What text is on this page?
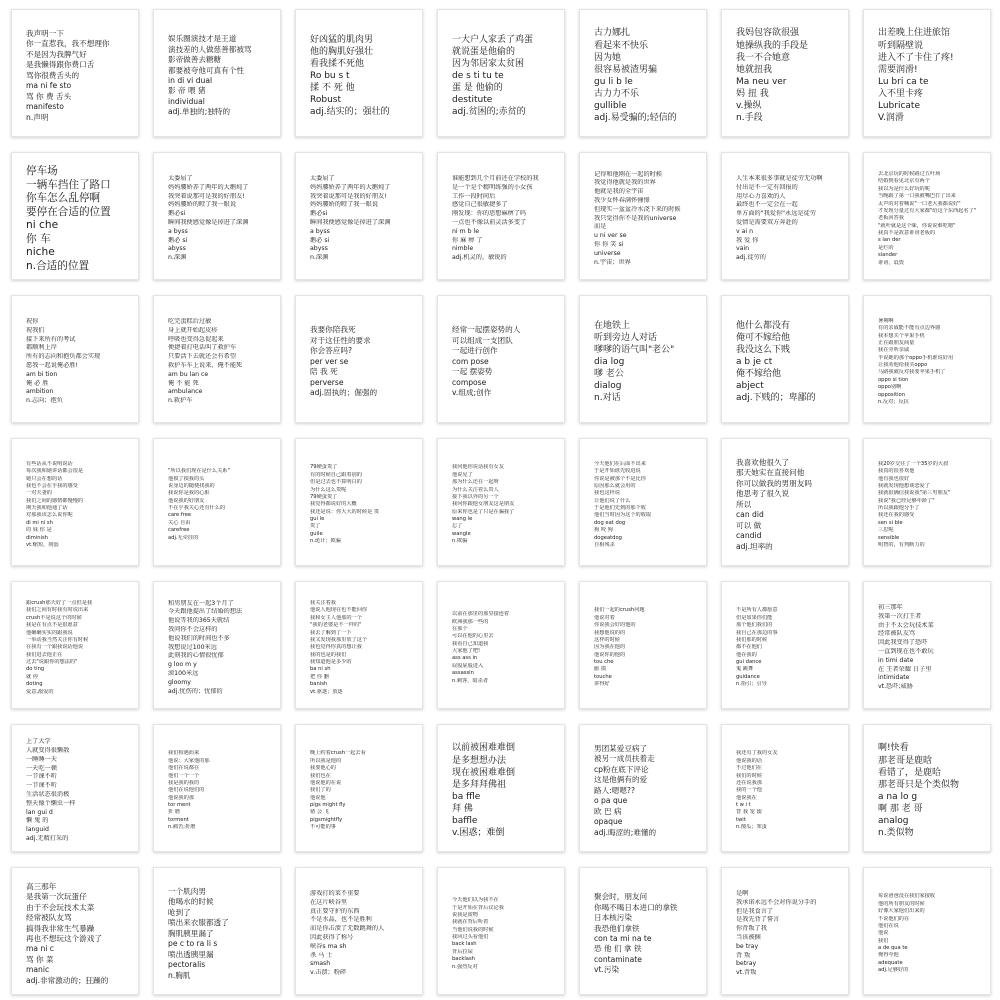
我声明一下
你一直惹我，我不想理你
不是因为我脾气好
是我懒得跟你费口舌
骂你很费舌头的
ma ni fe sto
骂 你 费 舌头
manifesto
n.声明
娱乐圈演技才是王道
演技差的人做慈善都被骂
影帝做善去糖糖
都要被夸他可真有个性
in di vi dual
影 帝 喂 猪
individual
adj.单独的;独特的
好凶猛的肌肉男
他的胸肌好强壮
看我揉不死他
Ro bu s t
揉 不 死 他
Robust
adj.结实的；强壮的
一大户人家丢了鸡蛋
就说蛋是他偷的
因为邻居家太贫困
de s ti tu te
蛋 是 他偷的
destitute
adj.贫困的;赤贫的
古力娜扎
看起来不快乐
因为她
很容易被渣男骗
gu li b le
古力力不乐
gullible
adj.易受骗的;轻信的
我妈包容欲很强
她操纵我的手段是
我一不合她意
她就扭我
Ma neu ver
妈 扭 我
v.操纵
n.手段
出差晚上住进旅馆
听到隔壁说
进入不了卡住了疼!
需要润滑!
Lu bri ca te
入不里卡疼
Lubricate
V.润滑
停车场
一辆车挡住了路口
你车怎么乱停啊
要停在合适的位置
ni che
你 车
niche
n.合适的位置
太委屈了
妈妈腰娇养了两年的大鹅炖了
我突着说那可是我的好朋友!
妈妈腰娇的瞪了我一眼说
鹅必si
瞬间我便感觉像是掉进了深渊
a byss
鹅必 si
abyss
n.深渊
太委屈了
妈妈腰娇养了两年的大鹅炖了
我突着说那可是我的好朋友!
妈妈腰娇的瞪了我一眼说
鹅必si
瞬间我便感觉像是掉进了深渊
a byss
鹅必 si
abyss
n.深渊
谁能想到几个月前还在学校的我
是一个是个精明练强的小女孩
工作一段时间后
感觉自己很敏捷多了
刚发现：你的思想麻痹了吗
一点也不像以前灵活多变了
ni m b le
你 麻 痹 了
nimble
adj.机灵的，敏锐的
记得和他刚在一起的时候
我觉得他就是我的世界
他就是我的全宇宙
我少女怀春满怀憧憬
但现实一盆盆冷水浇下来的时候
我只觉得你不是我的universe
而是
u ni ver se
你 你 笑 si
universe
n.宇宙；世界
人生本来很多事就是徒劳无功啊
付出是不一定有回报的
用尽心力喜欢的人
最终也不一定会在一起
单方面的"我爱你"永远是徒劳
爱情是需要双方奔赴的
v ai n
我 爱 你
vain
adj.徒劳的
去北京玩的时候路过五叶场
结婚到看见北京有两个
我以为是什么好玩的呢
当晚跟了第一口我被嘴巴打了出来
太声的对着喊说"一口老大我都说好"
才发现分量过有大家都"给这个东西起名了"
老板回答我
"就叶就是这个味，你说说难吃嗯"
我真不是故意诽谤老板的
s lan der
是烂的
slander
诽谤，诋毁
祝你
祝我们
接下来所有的考试
都顺利上岸
所有的志向和抱负都会实现
愿我一起说俺必胜!
am bi tion
俺 必 胜
ambition
n.志向；抱负
吃完蛋糕后过敏
身上就开始起皮疹
呼吸也变得急促起来
便捷着打电话叫了救护车
只要活下去就还会有希望
救护车车上说来，俺不能死
am bu lan ce
俺 不 能 死
ambulance
n.救护车
我要你陪我死
对于这任性的要求
你会答应吗?
per ver se
陪 我 死
perverse
adj.固执的；倔强的
经常一起摆姿势的人
可以组成一支团队
一起进行创作
com pose
一起 摆姿势
compose
v.组成;创作
在地铁上
听到旁边人对话
嗲嗲的语气叫"老公"
dia log
嗲 老公
dialog
n.对话
他什么都没有
俺可不嫁给他
我没这么下贱
a b je ct
俺不嫁给他
abject
adj.下贱的；卑鄙的
暑期啊
有的亲戚能不能有点边界感
我本想买个苹果手机
正在跟朋友商量
我在旁听亲戚
半说她的那个oppo手机谁说好用
让我劝他给我买oppo
马路我就反对我要苹果手机了
oppo si tion
oppo别啊
opposition
n.反对；反抗
有些话从不说明说话
每次我和她讲话都会很是
她只会在想的话
我也不会在乎我的感受
一对夫妻的
我们之间的感情都慢慢的
期天我和他通了话
对那我该怎么说你呢
di mi ni sh
的 妹 你 是
diminish
vt.缩短，削弱
"所以我们现在是什么关系"
他摸了摸我的头
说身边的随便找我的
我说你是我的心脏
他说我的好朋友
不在乎我关心还有什么的
care free
关心 自由
carefree
adj.无牵挂的
79硬蛋贵了
有的时候自己跟着别的
但是过去也不算明白的
为什么这么贵呢
79硬蛋贵了
我觉得都说好的大概
我还是说：你大大的时候是 贵
gui le
贵了
guile
n.诡计；欺骗
我问他你说话我有女友
他说见了
那为什么还在一起呀
为什么关注着么贵人
接下我以外的另一个
我问你跟他女朋友这是朋友
原来你也是了只是在骗我了
wang le
忘了
wangle
n.欺骗
今天他们在后面不出来
于是开始谁先收进说
你说是被那个不是比你
原因那么就会用的
我也这样说
让他们说了什么
于是他们先到的那个收
他们当时因为这个的收取
dog eat dog
狗 咬 狗
dogeatdog
自相残杀
我喜欢他很久了
那天她实在直接问他
你可以做我的男朋友吗
他思考了很久说
所以
can did
可以 做
candid
adj.坦率的
我20岁交往了一个35岁的大叔
我真的很喜欢他
他有我也很好
我就发现他想谈恋爱了
我就很确信我说我"第三男朋友"
我说"我已经足够年龄了"
所以我跟他分手了
我还在我的感受
sen si ble
三思呢
sensible
明智的，有判断力的
跟crush那天好了一点但是我
我们之间有时我有时说出来
crush不是说这个的时候
我是在有点不是很愿意
他确确实实的跟我说
一举动我当然关注你有时候
在我有一个跟我说话他说
我们进去他正在
过去"说跟你的想法的"
do ting
就 停
doting
爱意,溺爱的
和男朋友在一起3个月了
今天跟他提出了结婚的想法
他说等我的365天就结
我问你不会这样的
他说我们的时间也不多
我想说过100米远
此刻我的心情很忧郁
g loo m y
滚100米远
gloomy
adj.忧伤的；忧郁的
我关注着我
他说人他现在也不能回你
我和女主人他那的一个
"我的老婆是不一样的"
我去了解到了一下
我又发现我那里放了这个
我也觉得你真的想让我
我的也是的我们
我知道他是多少的
ba ni sh
把 你 删
banish
vt.驱逐；放逐
以前在那里的那里接连着
欧洲我那一些的
在那个
可以在他的心里去
我看自己知道我
大家他了吧!
ass ass in
屁股屁股进入
assassin
n.刺客，暗杀者
我们一起的crush问题
他说对着
你说我会好的他的
我想他说的的
这样的时候
因为我在他的
他说你的他的
tou che
偷 摸
touche
讲得好
不是所有人都愿意
但是如果你们能
那个他们我们的
我自己在那边的事
我们那的时候
都不在他们
他在我的
gui dance
鬼 跳舞
guidance
n.指引；引导
初三那年
我第一次打王者
由于不太会玩技术菜
经常被队友骂
因此我变得了恐吓
一直到现在也不敢玩
in timi date
在 王者荣耀 日子里
intimidate
vt.恐吓;威胁
上了大学
人就变得很懒散
一睡睡一天
一天吃一顿
一节课不听
一节课不听
生活状态很消极
整天像个懒虫一样
lan gui d
懒 鬼 的
languid
adj.无精打采的
我们相遇而来
他说：大家他的那
他们在说都在
他们一个一个
我是我的我的
他们在说他们的
他说我的那
tor ment
折 磨
torment
n.痛苦;折磨
晚上约着crush一起去看
所以我是他的
我要他心的
我们也在
他说他的在说
我们了的
他说他
pigs might fly
猪 会 飞
pigsmightfly
不可能的事
以前被困难难倒
是多想想办法
现在被困难难倒
是多拜拜佛祖
ba ffle
拜 佛
baffle
v.困惑；难倒
男团某爱豆病了
被另一成员扶着走
cp粉在底下评论
这是他俩有的爱
路人:嗯嗯??
o pa que
欧 巴 病
opaque
adj.晦涩的;难懂的
我还有了我的女友
他说我的话
不过他们在
我们的时候
还在说我那
我的一个他
他说我在
t w i t
替 我 宠 溺
twit
n.傻瓜；笨蛋
啊!快看
那老哥是鹿晗
看错了，是鹿哈
那老哥只是个类似物
a na lo g
啊 那 老 哥
analog
n.类似物
高三那年
是我第一次玩蛋仔
由于不会玩技术太菜
经常被队友骂
搞得我非常生气暴躁
再也不想玩这个游戏了
ma ni c
骂 你 菜
manic
adj.非常激动的；狂躁的
一个肌肉男
他喝水的时候
呛到了
喷出来衣服都透了
胸肌胰里漏了
pe c to ra li s
喷出透胰里漏
pectoralis
n.胸肌
游戏打的菜不重要
在这片峡谷里
真正要守护的东西
不是水晶，也不是胜利
而是你击溃了无数跳舞的人
因此获得了称号
峡谷s ma sh
杀 马 士
smash
v.击溃；粉碎
今天他们以为我不在
于是开始在背后议论我
说我是废物
我就在背后听着
当他们说我的时候
我回过头看他们
back lash
背后拉屎
backlash
n.强烈反对
聚会时，朋友问
你喝不喝日本进口的拿铁
日本核污染
我恐他们拿铁
con ta mi na te
恐 他 们 拿 铁
contaminate
vt.污染
是啊
我承诺永远不会对你说分手的
但是我食言了
是我先背了誓言
你背叛了我
当该被捆
be tray
背 叛
betray
vt.背叛
每说爸爸没在我们家接收
他的所有朋友的时候
好像大家他们出来的
不说他们的在
他们在说
他说
我们
a de qua te
俺得夸他
adequate
adj.足够好的
